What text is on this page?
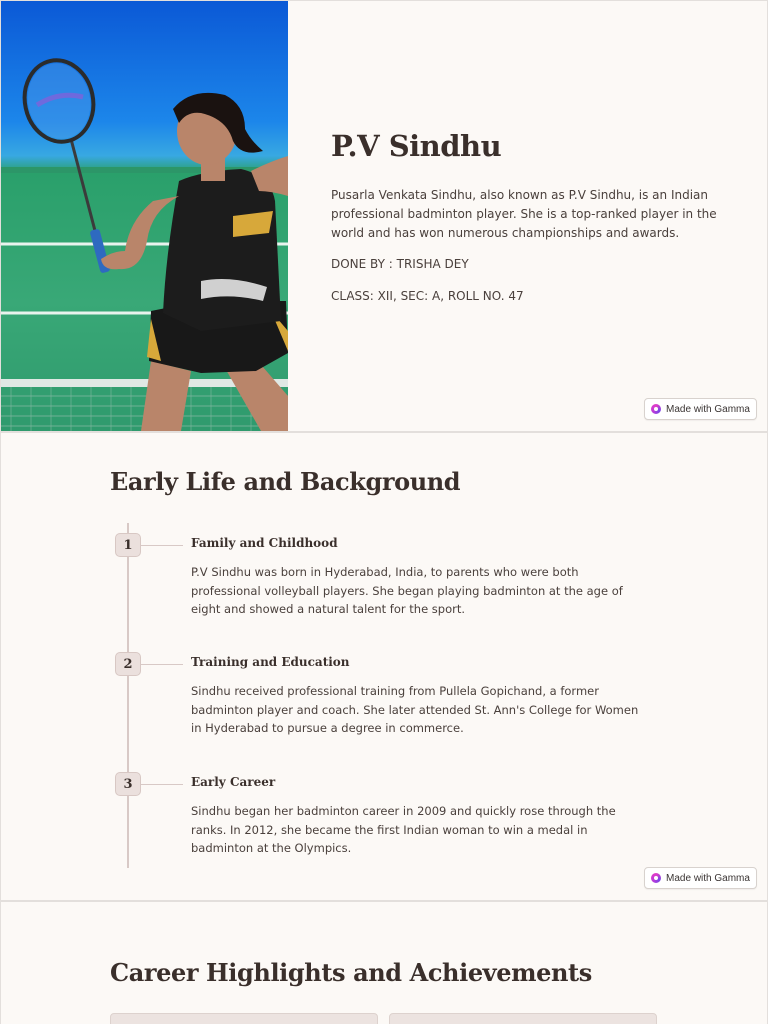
P.V Sindhu

Pusarla Venkata Sindhu, also known as P.V Sindhu, is an Indian professional badminton player. She is a top-ranked player in the world and has won numerous championships and awards.

DONE BY : TRISHA DEY

CLASS: XII, SEC: A, ROLL NO. 47

Made with Gamma
Early Life and Background
1	Family and Childhood

P.V Sindhu was born in Hyderabad, India, to parents who were both professional volleyball players. She began playing badminton at the age of eight and showed a natural talent for the sport.

2	Training and Education

Sindhu received professional training from Pullela Gopichand, a former badminton player and coach. She later attended St. Ann's College for Women in Hyderabad to pursue a degree in commerce.

3	Early Career

Sindhu began her badminton career in 2009 and quickly rose through the ranks. In 2012, she became the first Indian woman to win a medal in badminton at the Olympics.

Made with Gamma
Career Highlights and Achievements
